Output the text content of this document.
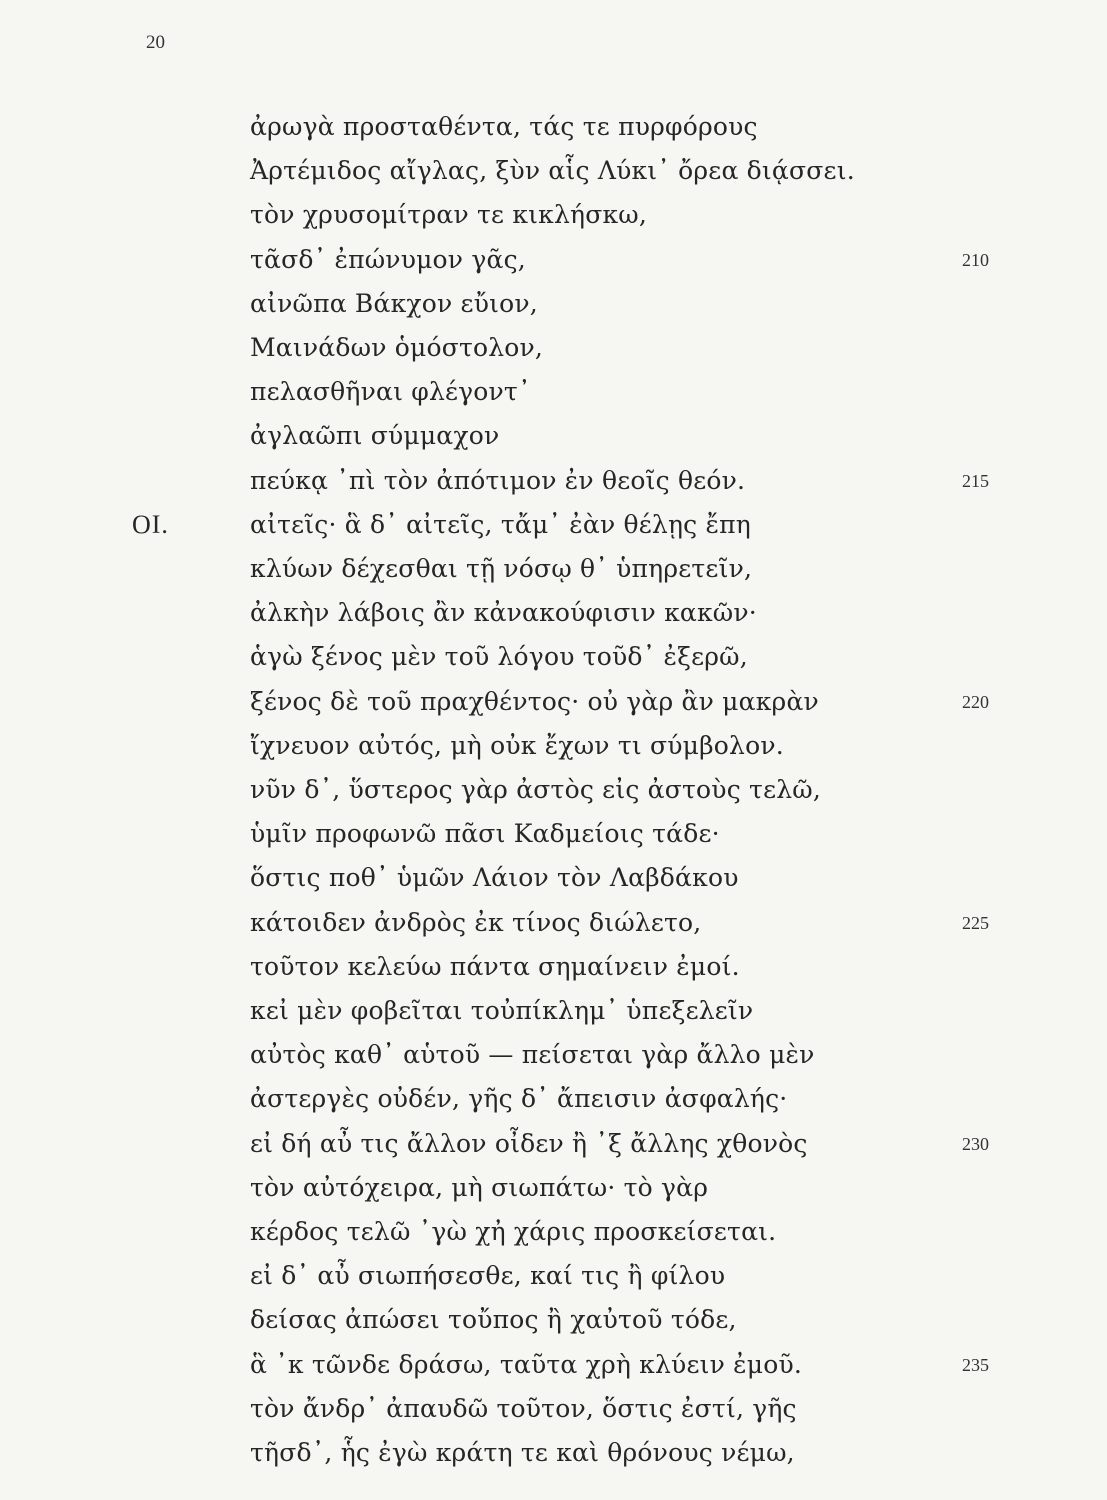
20
ΟΙ.
ἀρωγὰ προσταθέντα, τάς τε πυρφόρους
Ἀρτέμιδος αἴγλας, ξὺν αἷς Λύκι᾽ ὄρεα διᾴσσει.
τὸν χρυσομίτραν τε κικλήσκω,
τᾶσδ᾽ ἐπώνυμον γᾶς,
αἰνῶπα Βάκχον εὔιον,
Μαινάδων ὁμόστολον,
πελασθῆναι φλέγοντ᾽
ἀγλαῶπι σύμμαχον
πεύκᾳ ᾽πὶ τὸν ἀπότιμον ἐν θεοῖς θεόν.
αἰτεῖς· ἃ δ᾽ αἰτεῖς, τἄμ᾽ ἐὰν θέλῃς ἔπη
κλύων δέχεσθαι τῇ νόσῳ θ᾽ ὑπηρετεῖν,
ἀλκὴν λάβοις ἂν κἀνακούφισιν κακῶν·
ἁγὼ ξένος μὲν τοῦ λόγου τοῦδ᾽ ἐξερῶ,
ξένος δὲ τοῦ πραχθέντος· οὐ γὰρ ἂν μακρὰν
ἴχνευον αὐτός, μὴ οὐκ ἔχων τι σύμβολον.
νῦν δ᾽, ὕστερος γὰρ ἀστὸς εἰς ἀστοὺς τελῶ,
ὑμῖν προφωνῶ πᾶσι Καδμείοις τάδε·
ὅστις ποθ᾽ ὑμῶν Λάιον τὸν Λαβδάκου
κάτοιδεν ἀνδρὸς ἐκ τίνος διώλετο,
τοῦτον κελεύω πάντα σημαίνειν ἐμοί.
κεἰ μὲν φοβεῖται τοὐπίκλημ᾽ ὑπεξελεῖν
αὐτὸς καθ᾽ αὑτοῦ — πείσεται γὰρ ἄλλο μὲν
ἀστεργὲς οὐδέν, γῆς δ᾽ ἄπεισιν ἀσφαλής·
εἰ δή αὖ τις ἄλλον οἶδεν ἢ ᾽ξ ἄλλης χθονὸς
τὸν αὐτόχειρα, μὴ σιωπάτω· τὸ γὰρ
κέρδος τελῶ ᾽γὼ χἠ χάρις προσκείσεται.
εἰ δ᾽ αὖ σιωπήσεσθε, καί τις ἢ φίλου
δείσας ἀπώσει τοὔπος ἢ χαὐτοῦ τόδε,
ἃ ᾽κ τῶνδε δράσω, ταῦτα χρὴ κλύειν ἐμοῦ.
τὸν ἄνδρ᾽ ἀπαυδῶ τοῦτον, ὅστις ἐστί, γῆς
210
215
220
225
230
235
τῆσδ᾽, ἧς ἐγὼ κράτη τε καὶ θρόνους νέμω,
